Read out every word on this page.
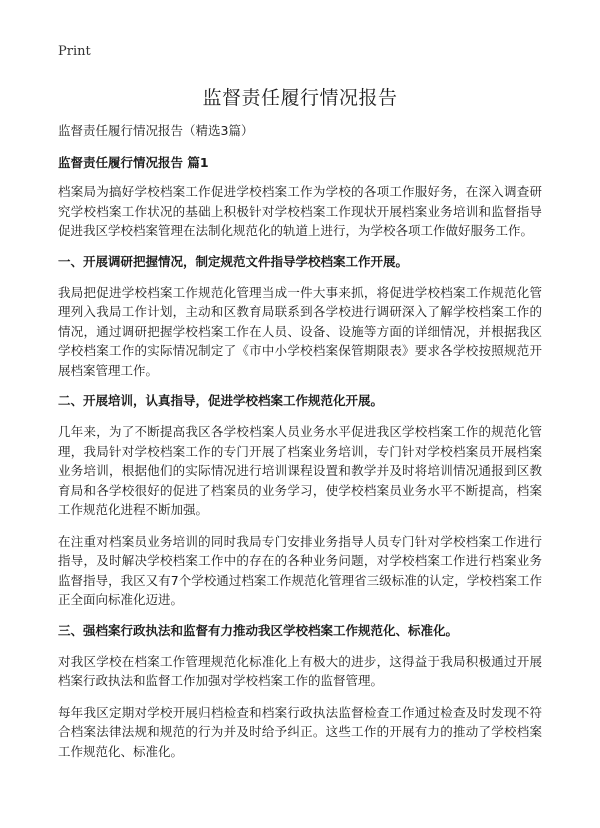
Print
监督责任履行情况报告
监督责任履行情况报告（精选3篇）
监督责任履行情况报告 篇1

档案局为搞好学校档案工作促进学校档案工作为学校的各项工作服好务，在深入调查研究学校档案工作状况的基础上积极针对学校档案工作现状开展档案业务培训和监督指导促进我区学校档案管理在法制化规范化的轨道上进行，为学校各项工作做好服务工作。

一、开展调研把握情况，制定规范文件指导学校档案工作开展。

我局把促进学校档案工作规范化管理当成一件大事来抓，将促进学校档案工作规范化管理列入我局工作计划，主动和区教育局联系到各学校进行调研深入了解学校档案工作的情况，通过调研把握学校档案工作在人员、设备、设施等方面的详细情况，并根据我区学校档案工作的实际情况制定了《市中小学校档案保管期限表》要求各学校按照规范开展档案管理工作。

二、开展培训，认真指导，促进学校档案工作规范化开展。

几年来，为了不断提高我区各学校档案人员业务水平促进我区学校档案工作的规范化管理，我局针对学校档案工作的专门开展了档案业务培训，专门针对学校档案员开展档案业务培训，根据他们的实际情况进行培训课程设置和教学并及时将培训情况通报到区教育局和各学校很好的促进了档案员的业务学习，使学校档案员业务水平不断提高，档案工作规范化进程不断加强。

在注重对档案员业务培训的同时我局专门安排业务指导人员专门针对学校档案工作进行指导，及时解决学校档案工作中的存在的各种业务问题，对学校档案工作进行档案业务监督指导，我区又有7个学校通过档案工作规范化管理省三级标准的认定，学校档案工作正全面向标准化迈进。

三、强档案行政执法和监督有力推动我区学校档案工作规范化、标准化。

对我区学校在档案工作管理规范化标准化上有极大的进步，这得益于我局积极通过开展档案行政执法和监督工作加强对学校档案工作的监督管理。

每年我区定期对学校开展归档检查和档案行政执法监督检查工作通过检查及时发现不符合档案法律法规和规范的行为并及时给予纠正。这些工作的开展有力的推动了学校档案工作规范化、标准化。
